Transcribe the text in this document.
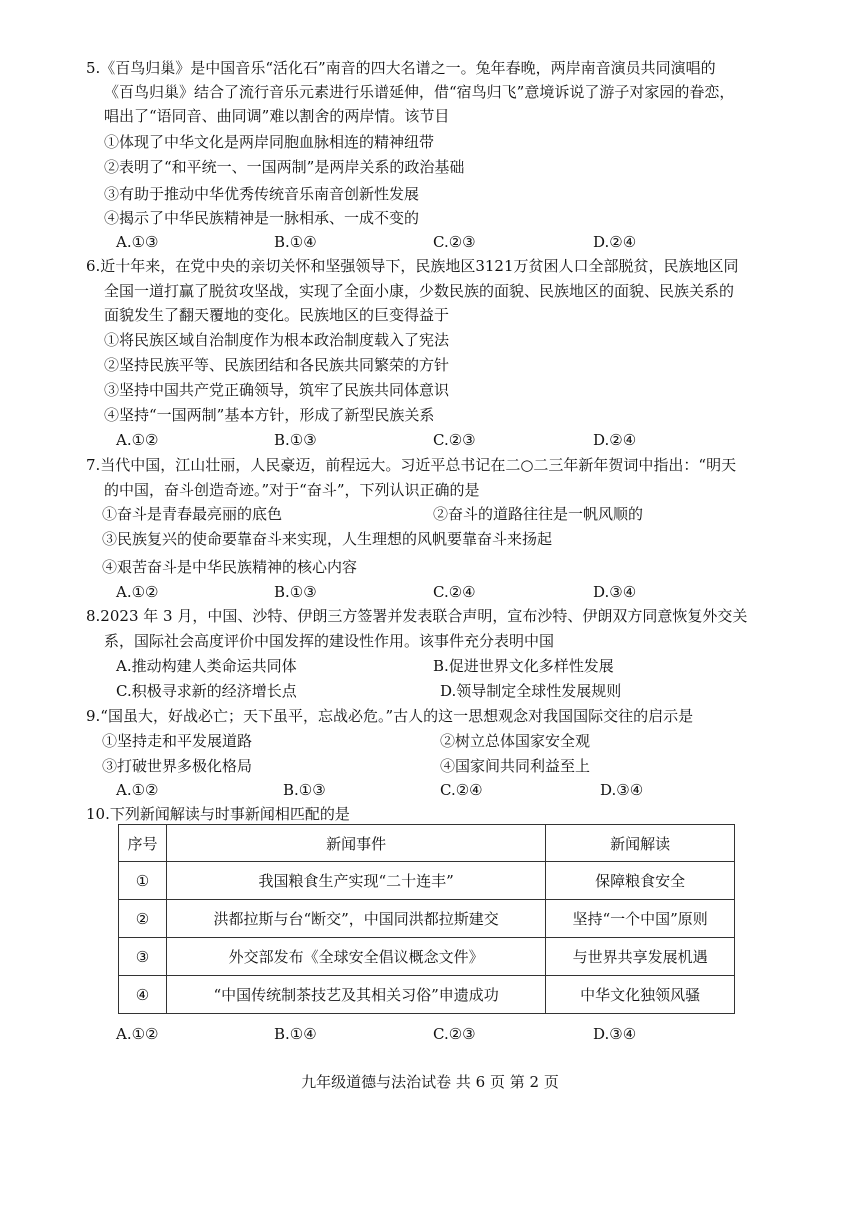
5.《百鸟归巢》是中国音乐“活化石”南音的四大名谱之一。兔年春晚，两岸南音演员共同演唱的
《百鸟归巢》结合了流行音乐元素进行乐谱延伸，借“宿鸟归飞”意境诉说了游子对家园的眷恋，
唱出了“语同音、曲同调”难以割舍的两岸情。该节目
①体现了中华文化是两岸同胞血脉相连的精神纽带
②表明了“和平统一、一国两制”是两岸关系的政治基础
③有助于推动中华优秀传统音乐南音创新性发展
④揭示了中华民族精神是一脉相承、一成不变的
A.①③	B.①④	C.②③	D.②④
6.近十年来，在党中央的亲切关怀和坚强领导下，民族地区3121万贫困人口全部脱贫，民族地区同
全国一道打赢了脱贫攻坚战，实现了全面小康，少数民族的面貌、民族地区的面貌、民族关系的
面貌发生了翻天覆地的变化。民族地区的巨变得益于
①将民族区域自治制度作为根本政治制度载入了宪法
②坚持民族平等、民族团结和各民族共同繁荣的方针
③坚持中国共产党正确领导，筑牢了民族共同体意识
④坚持“一国两制”基本方针，形成了新型民族关系
A.①②	B.①③	C.②③	D.②④
7.当代中国，江山壮丽，人民豪迈，前程远大。习近平总书记在二○二三年新年贺词中指出：“明天
的中国，奋斗创造奇迹。”对于“奋斗”，下列认识正确的是
①奋斗是青春最亮丽的底色	②奋斗的道路往往是一帆风顺的
③民族复兴的使命要靠奋斗来实现，人生理想的风帆要靠奋斗来扬起
④艰苦奋斗是中华民族精神的核心内容
A.①②	B.①③	C.②④	D.③④
8.2023 年 3 月，中国、沙特、伊朗三方签署并发表联合声明，宣布沙特、伊朗双方同意恢复外交关
系，国际社会高度评价中国发挥的建设性作用。该事件充分表明中国
A.推动构建人类命运共同体	B.促进世界文化多样性发展
C.积极寻求新的经济增长点	D.领导制定全球性发展规则
9.“国虽大，好战必亡；天下虽平，忘战必危。”古人的这一思想观念对我国国际交往的启示是
①坚持走和平发展道路	②树立总体国家安全观
③打破世界多极化格局	④国家间共同利益至上
A.①②	B.①③	C.②④	D.③④
10.下列新闻解读与时事新闻相匹配的是
序号	新闻事件	新闻解读
①	我国粮食生产实现“二十连丰”	保障粮食安全
②	洪都拉斯与台“断交”，中国同洪都拉斯建交	坚持“一个中国”原则
③	外交部发布《全球安全倡议概念文件》	与世界共享发展机遇
④	“中国传统制茶技艺及其相关习俗”申遗成功	中华文化独领风骚
A.①②	B.①④	C.②③	D.③④
九年级道德与法治试卷 共 6 页 第 2 页
